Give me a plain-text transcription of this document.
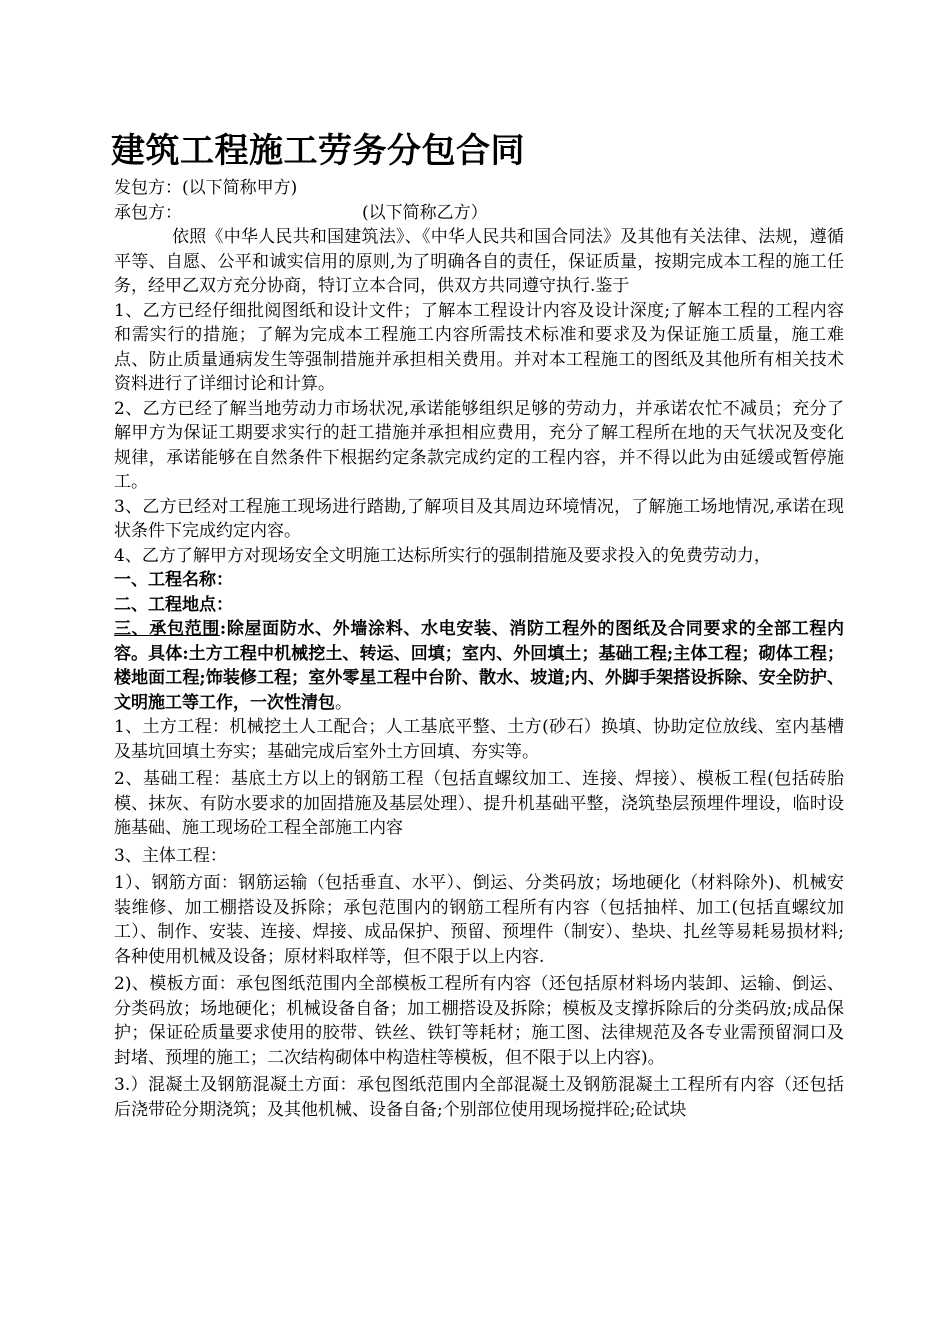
建筑工程施工劳务分包合同
发包方：(以下简称甲方)
承包方：	(以下简称乙方）

依照《中华人民共和国建筑法》、《中华人民共和国合同法》及其他有关法律、法规，遵循平等、自愿、公平和诚实信用的原则,为了明确各自的责任，保证质量，按期完成本工程的施工任务，经甲乙双方充分协商，特订立本合同，供双方共同遵守执行.鉴于

1、乙方已经仔细批阅图纸和设计文件；了解本工程设计内容及设计深度;了解本工程的工程内容和需实行的措施；了解为完成本工程施工内容所需技术标准和要求及为保证施工质量，施工难点、防止质量通病发生等强制措施并承担相关费用。并对本工程施工的图纸及其他所有相关技术资料进行了详细讨论和计算。

2、乙方已经了解当地劳动力市场状况,承诺能够组织足够的劳动力，并承诺农忙不减员；充分了解甲方为保证工期要求实行的赶工措施并承担相应费用，充分了解工程所在地的天气状况及变化规律，承诺能够在自然条件下根据约定条款完成约定的工程内容，并不得以此为由延缓或暂停施工。

3、乙方已经对工程施工现场进行踏勘,了解项目及其周边环境情况，了解施工场地情况,承诺在现状条件下完成约定内容。

4、乙方了解甲方对现场安全文明施工达标所实行的强制措施及要求投入的免费劳动力，

一、工程名称：

二、工程地点：

三、承包范围:除屋面防水、外墙涂料、水电安装、消防工程外的图纸及合同要求的全部工程内容。具体:土方工程中机械挖土、转运、回填；室内、外回填土；基础工程;主体工程；砌体工程；楼地面工程;饰装修工程；室外零星工程中台阶、散水、坡道;内、外脚手架搭设拆除、安全防护、文明施工等工作，一次性清包。

1、土方工程：机械挖土人工配合；人工基底平整、土方(砂石）换填、协助定位放线、室内基槽及基坑回填土夯实；基础完成后室外土方回填、夯实等。

2、基础工程：基底土方以上的钢筋工程（包括直螺纹加工、连接、焊接）、模板工程(包括砖胎模、抹灰、有防水要求的加固措施及基层处理）、提升机基础平整，浇筑垫层预埋件埋设，临时设施基础、施工现场砼工程全部施工内容

3、主体工程：

1）、钢筋方面：钢筋运输（包括垂直、水平）、倒运、分类码放；场地硬化（材料除外)、机械安装维修、加工棚搭设及拆除；承包范围内的钢筋工程所有内容（包括抽样、加工(包括直螺纹加工）、制作、安装、连接、焊接、成品保护、预留、预埋件（制安）、垫块、扎丝等易耗易损材料;各种使用机械及设备；原材料取样等，但不限于以上内容.

2)、模板方面：承包图纸范围内全部模板工程所有内容（还包括原材料场内装卸、运输、倒运、分类码放；场地硬化；机械设备自备；加工棚搭设及拆除；模板及支撑拆除后的分类码放;成品保护；保证砼质量要求使用的胶带、铁丝、铁钉等耗材；施工图、法律规范及各专业需预留洞口及封堵、预埋的施工；二次结构砌体中构造柱等模板，但不限于以上内容)。

3.）混凝土及钢筋混凝土方面：承包图纸范围内全部混凝土及钢筋混凝土工程所有内容（还包括后浇带砼分期浇筑；及其他机械、设备自备;个别部位使用现场搅拌砼;砼试块
